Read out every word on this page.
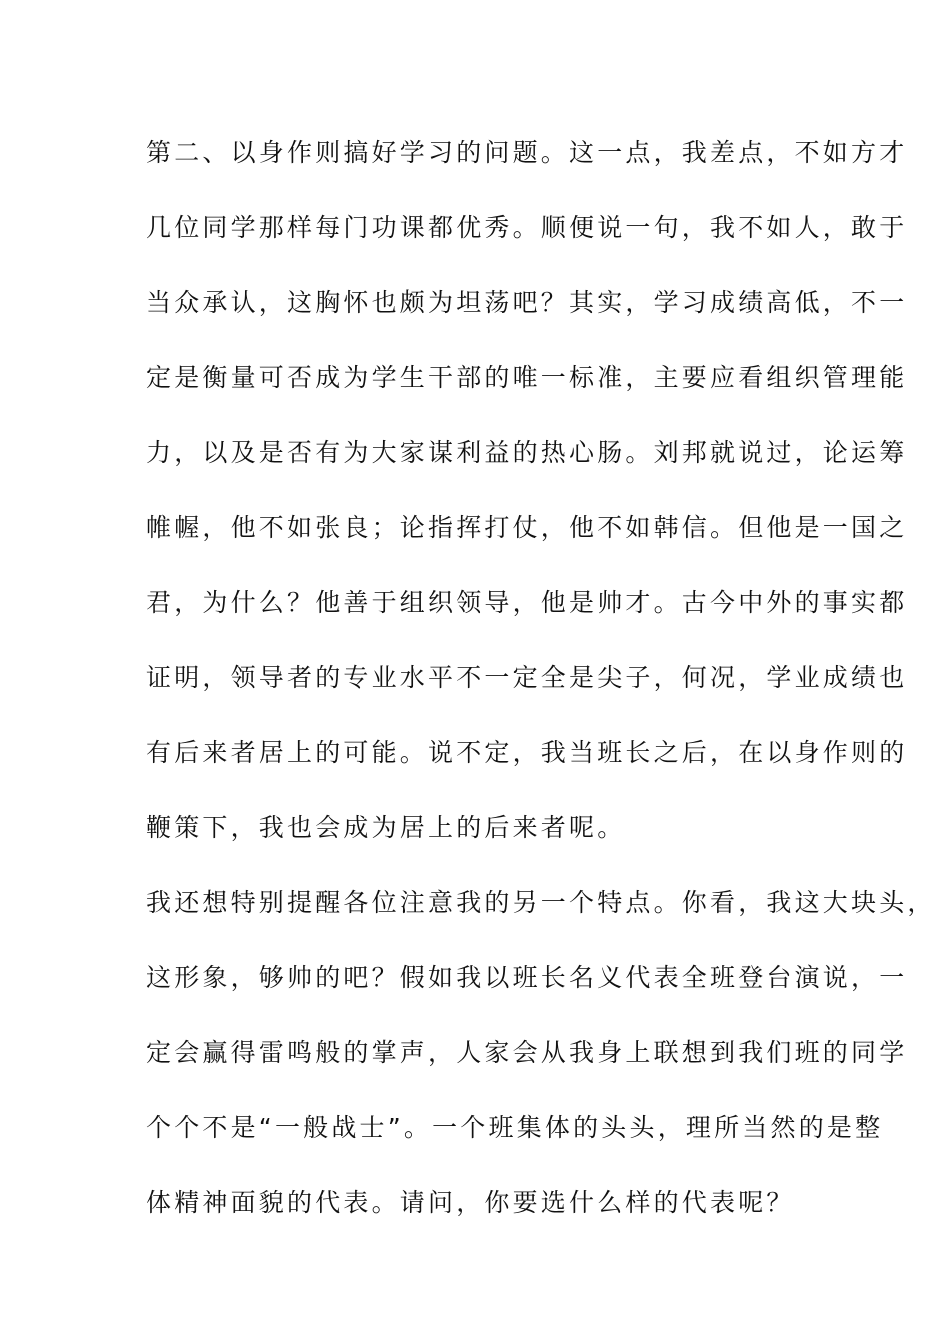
第二、以身作则搞好学习的问题。这一点，我差点，不如方才
几位同学那样每门功课都优秀。顺便说一句，我不如人，敢于
当众承认，这胸怀也颇为坦荡吧？其实，学习成绩高低，不一
定是衡量可否成为学生干部的唯一标准，主要应看组织管理能
力，以及是否有为大家谋利益的热心肠。刘邦就说过，论运筹
帷幄，他不如张良；论指挥打仗，他不如韩信。但他是一国之
君，为什么？他善于组织领导，他是帅才。古今中外的事实都
证明，领导者的专业水平不一定全是尖子，何况，学业成绩也
有后来者居上的可能。说不定，我当班长之后，在以身作则的
鞭策下，我也会成为居上的后来者呢。
我还想特别提醒各位注意我的另一个特点。你看，我这大块头，
这形象，够帅的吧？假如我以班长名义代表全班登台演说，一
定会赢得雷鸣般的掌声，人家会从我身上联想到我们班的同学
个个不是“一般战士”。一个班集体的头头，理所当然的是整
体精神面貌的代表。请问，你要选什么样的代表呢？
